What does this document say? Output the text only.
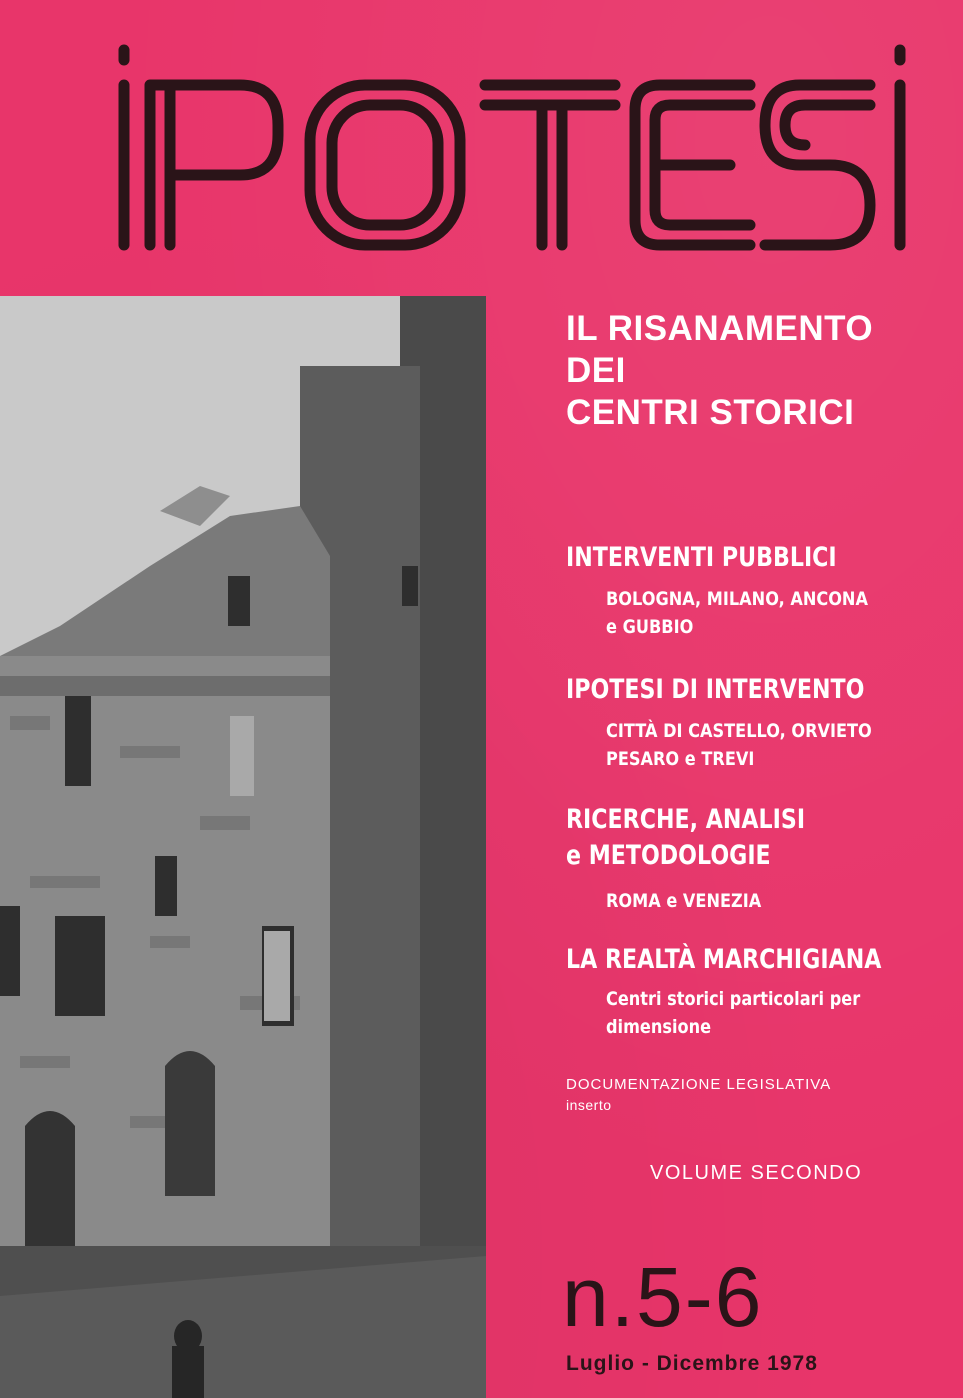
IL RISANAMENTO
DEI
CENTRI STORICI

INTERVENTI PUBBLICI

BOLOGNA, MILANO, ANCONA
e GUBBIO

IPOTESI DI INTERVENTO

CITTÀ DI CASTELLO, ORVIETO
PESARO e TREVI

RICERCHE, ANALISI
e METODOLOGIE

ROMA e VENEZIA

LA REALTÀ MARCHIGIANA

Centri storici particolari per
dimensione

DOCUMENTAZIONE LEGISLATIVA
inserto

VOLUME SECONDO

n.5-6

Luglio - Dicembre 1978
